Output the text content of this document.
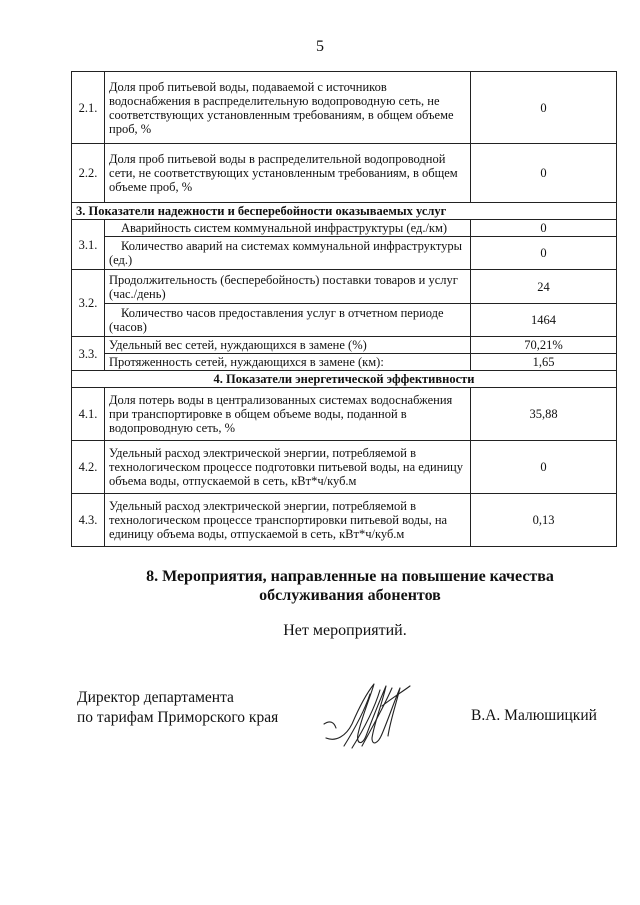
5
2.1.	Доля проб питьевой воды, подаваемой с источников водоснабжения в распределительную водопроводную сеть, не соответствующих установленным требованиям, в общем объеме проб, %	0
2.2.	Доля проб питьевой воды в распределительной водопроводной сети, не соответствующих установленным требованиям, в общем объеме проб, %	0
3. Показатели надежности и бесперебойности оказываемых услуг		
3.1.	Аварийность систем коммунальной инфраструктуры (ед./км)	0
	Количество аварий на системах коммунальной инфраструктуры (ед.)	0
3.2.	Продолжительность (бесперебойность) поставки товаров и услуг (час./день)	24
	Количество часов предоставления услуг в отчетном периоде (часов)	1464
3.3.	Удельный вес сетей, нуждающихся в замене (%)	70,21%
	Протяженность сетей, нуждающихся в замене (км):	1,65
4. Показатели энергетической эффективности		
4.1.	Доля потерь воды в централизованных системах водоснабжения при транспортировке в общем объеме воды, поданной в водопроводную сеть, %	35,88
4.2.	Удельный расход электрической энергии, потребляемой в технологическом процессе подготовки питьевой воды, на единицу объема воды, отпускаемой в сеть, кВт*ч/куб.м	0
4.3.	Удельный расход электрической энергии, потребляемой в технологическом процессе транспортировки питьевой воды, на единицу объема воды, отпускаемой в сеть, кВт*ч/куб.м	0,13
8. Мероприятия, направленные на повышение качества
обслуживания абонентов
Нет мероприятий.
Директор департамента
по тарифам Приморского края	В.А. Малюшицкий
